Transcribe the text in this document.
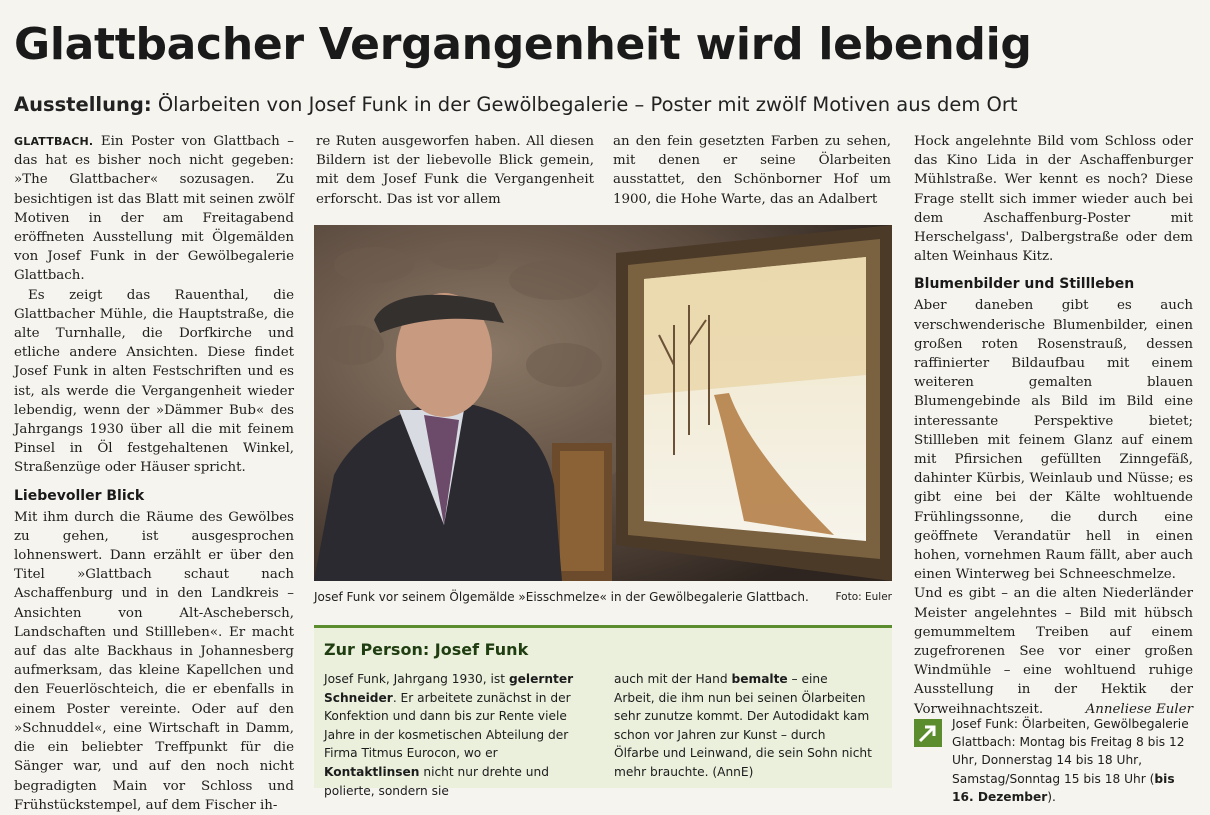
Glattbacher Vergangenheit wird lebendig
Ausstellung: Ölarbeiten von Josef Funk in der Gewölbegalerie – Poster mit zwölf Motiven aus dem Ort

GLATTBACH. Ein Poster von Glattbach – das hat es bisher noch nicht gegeben: »The Glattbacher« sozusagen. Zu besichtigen ist das Blatt mit seinen zwölf Motiven in der am Freitagabend eröffneten Ausstellung mit Ölgemälden von Josef Funk in der Gewölbegalerie Glattbach.

Es zeigt das Rauenthal, die Glattbacher Mühle, die Hauptstraße, die alte Turnhalle, die Dorfkirche und etliche andere Ansichten. Diese findet Josef Funk in alten Festschriften und es ist, als werde die Vergangenheit wieder lebendig, wenn der »Dämmer Bub« des Jahrgangs 1930 über all die mit feinem Pinsel in Öl festgehaltenen Winkel, Straßenzüge oder Häuser spricht.

Liebevoller Blick

Mit ihm durch die Räume des Gewölbes zu gehen, ist ausgesprochen lohnenswert. Dann erzählt er über den Titel »Glattbach schaut nach Aschaffenburg und in den Landkreis – Ansichten von Alt-Aschebersch, Landschaften und Stillleben«. Er macht auf das alte Backhaus in Johannesberg aufmerksam, das kleine Kapellchen und den Feuerlöschteich, die er ebenfalls in einem Poster vereinte. Oder auf den »Schnuddel«, eine Wirtschaft in Damm, die ein beliebter Treffpunkt für die Sänger war, und auf den noch nicht begradigten Main vor Schloss und Frühstückstempel, auf dem Fischer ih-

re Ruten ausgeworfen haben. All diesen Bildern ist der liebevolle Blick gemein, mit dem Josef Funk die Vergangenheit erforscht. Das ist vor allem

an den fein gesetzten Farben zu sehen, mit denen er seine Ölarbeiten ausstattet, den Schönborner Hof um 1900, die Hohe Warte, das an Adalbert

Hock angelehnte Bild vom Schloss oder das Kino Lida in der Aschaffenburger Mühlstraße. Wer kennt es noch? Diese Frage stellt sich immer wieder auch bei dem Aschaffenburg-Poster mit Herschelgass', Dalbergstraße oder dem alten Weinhaus Kitz.

Blumenbilder und Stillleben

Aber daneben gibt es auch verschwenderische Blumenbilder, einen großen roten Rosenstrauß, dessen raffinierter Bildaufbau mit einem weiteren gemalten blauen Blumengebinde als Bild im Bild eine interessante Perspektive bietet; Stillleben mit feinem Glanz auf einem mit Pfirsichen gefüllten Zinngefäß, dahinter Kürbis, Weinlaub und Nüsse; es gibt eine bei der Kälte wohltuende Frühlingssonne, die durch eine geöffnete Verandatür hell in einen hohen, vornehmen Raum fällt, aber auch einen Winterweg bei Schneeschmelze.

Und es gibt – an die alten Niederländer Meister angelehntes – Bild mit hübsch gemummeltem Treiben auf einem zugefrorenen See vor einer großen Windmühle – eine wohltuend ruhige Ausstellung in der Hektik der Vorweihnachtszeit.	Anneliese Euler

Josef Funk vor seinem Ölgemälde »Eisschmelze« in der Gewölbegalerie Glattbach.	Foto: Euler
Zur Person: Josef Funk
Josef Funk, Jahrgang 1930, ist gelernter Schneider. Er arbeitete zunächst in der Konfektion und dann bis zur Rente viele Jahre in der kosmetischen Abteilung der Firma Titmus Eurocon, wo er Kontaktlinsen nicht nur drehte und polierte, sondern sie
auch mit der Hand bemalte – eine Arbeit, die ihm nun bei seinen Ölarbeiten sehr zunutze kommt. Der Autodidakt kam schon vor Jahren zur Kunst – durch Ölfarbe und Leinwand, die sein Sohn nicht mehr brauchte. (AnnE)
Josef Funk: Ölarbeiten, Gewölbegalerie Glattbach: Montag bis Freitag 8 bis 12 Uhr, Donnerstag 14 bis 18 Uhr, Samstag/Sonntag 15 bis 18 Uhr (bis 16. Dezember).
